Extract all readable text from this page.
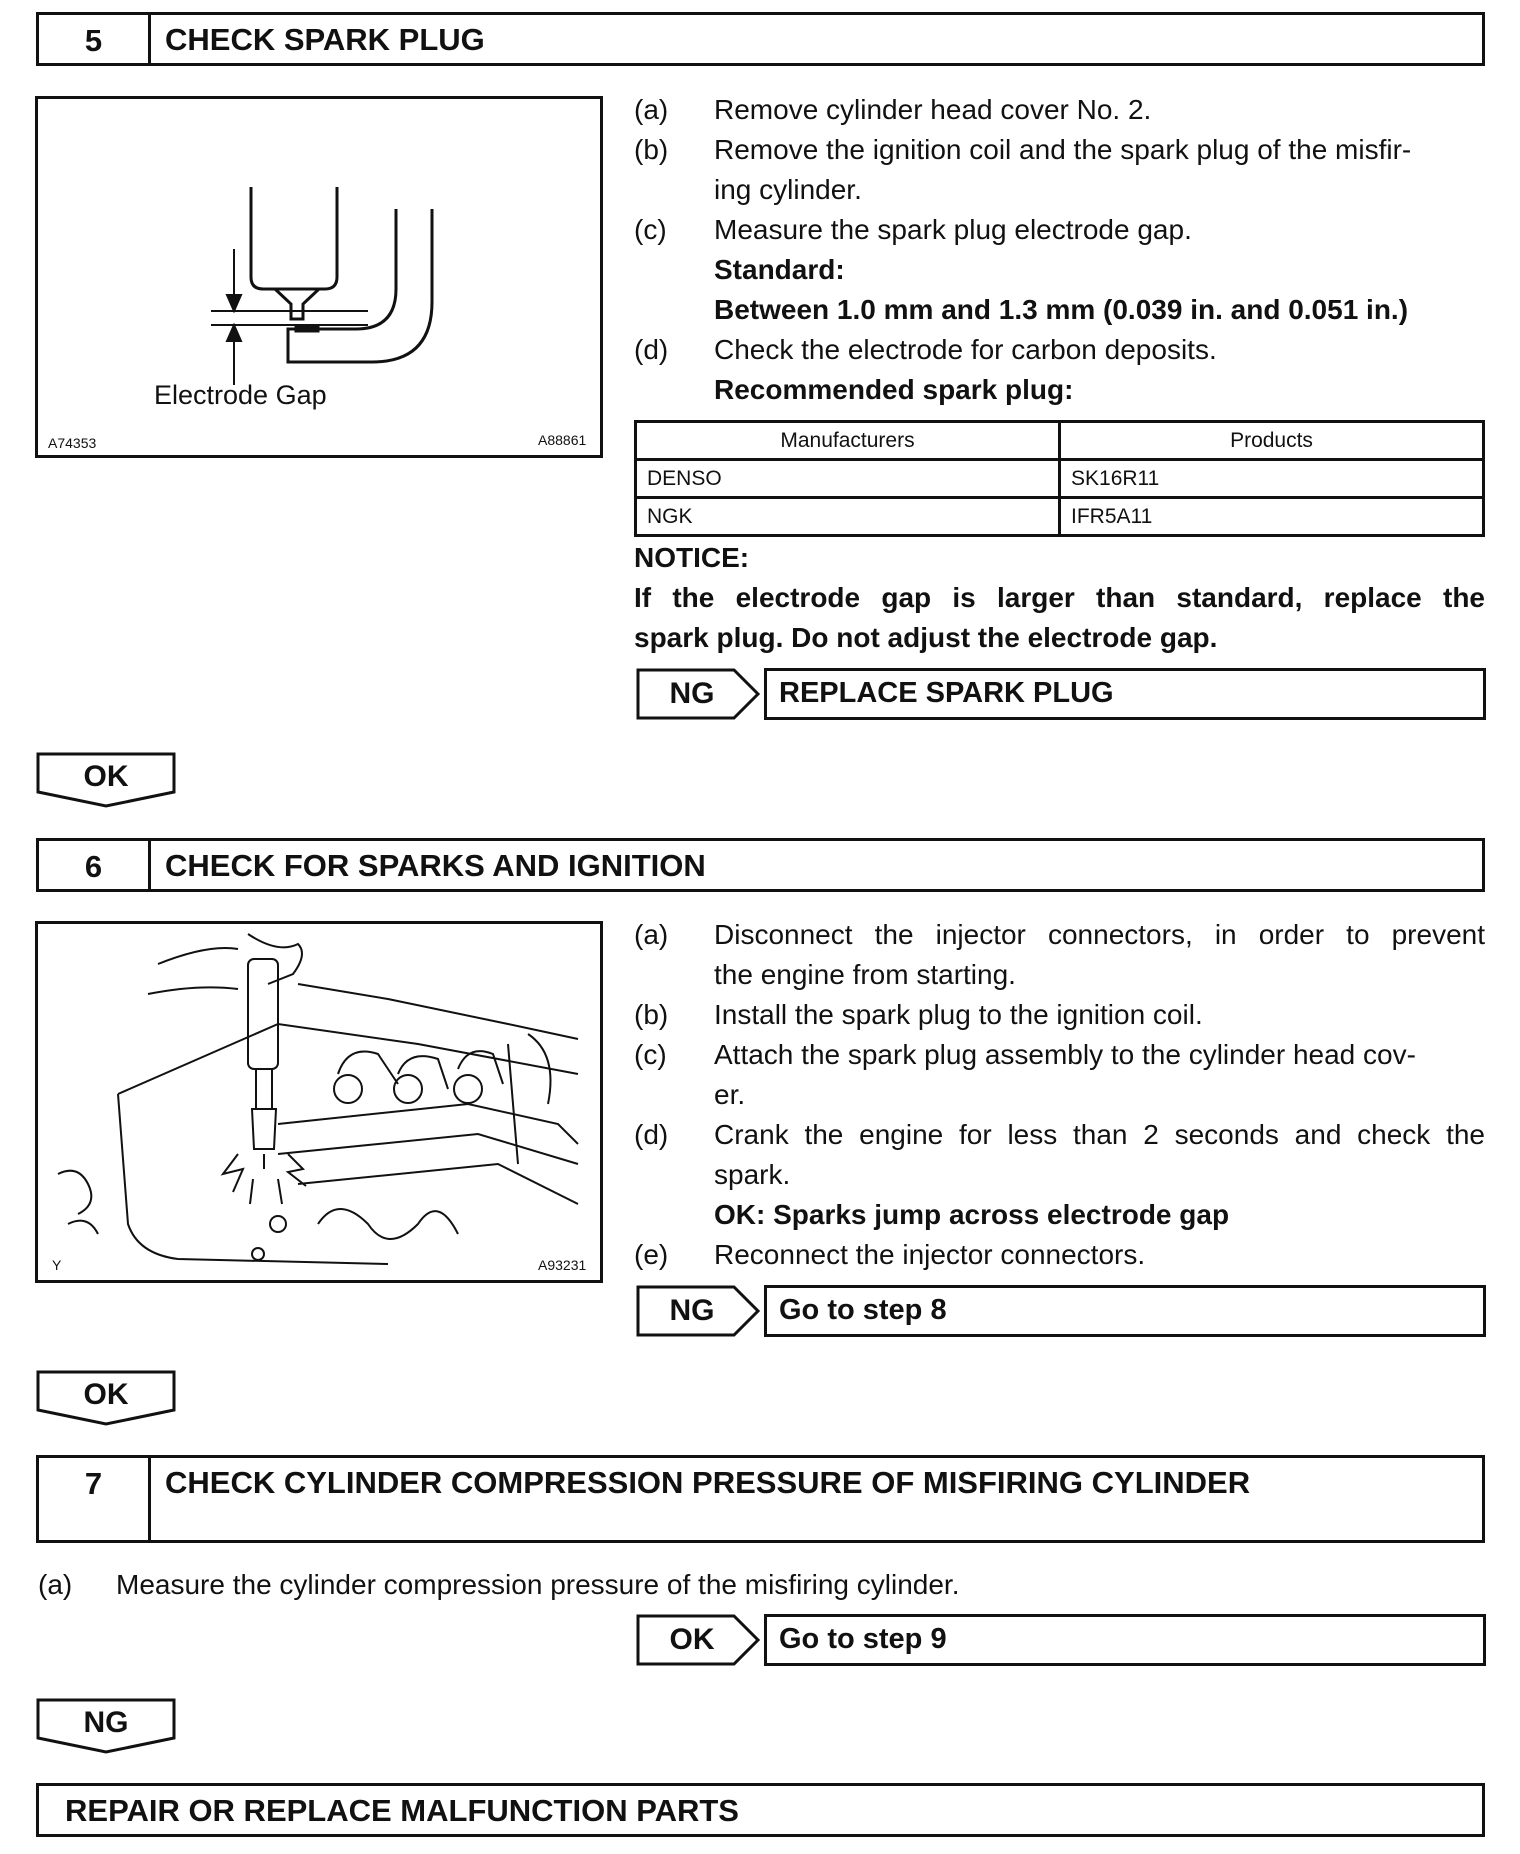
5	CHECK SPARK PLUG
Electrode Gap
A74353	A88861
(a) Remove cylinder head cover No. 2.
(b) Remove the ignition coil and the spark plug of the misfir-
ing cylinder.
(c) Measure the spark plug electrode gap.
Standard:
Between 1.0 mm and 1.3 mm (0.039 in. and 0.051 in.)
(d) Check the electrode for carbon deposits.
Recommended spark plug:
Manufacturers	Products
DENSO	SK16R11
NGK	IFR5A11
NOTICE:
If the electrode gap is larger than standard, replace the
spark plug. Do not adjust the electrode gap.
NG	REPLACE SPARK PLUG
OK
6	CHECK FOR SPARKS AND IGNITION
Y	A93231
(a) Disconnect the injector connectors, in order to prevent
the engine from starting.
(b) Install the spark plug to the ignition coil.
(c) Attach the spark plug assembly to the cylinder head cov-
er.
(d) Crank the engine for less than 2 seconds and check the
spark.
OK: Sparks jump across electrode gap
(e) Reconnect the injector connectors.
NG	Go to step 8
OK
7	CHECK CYLINDER COMPRESSION PRESSURE OF MISFIRING CYLINDER
(a) Measure the cylinder compression pressure of the misfiring cylinder.
OK	Go to step 9
NG
REPAIR OR REPLACE MALFUNCTION PARTS
